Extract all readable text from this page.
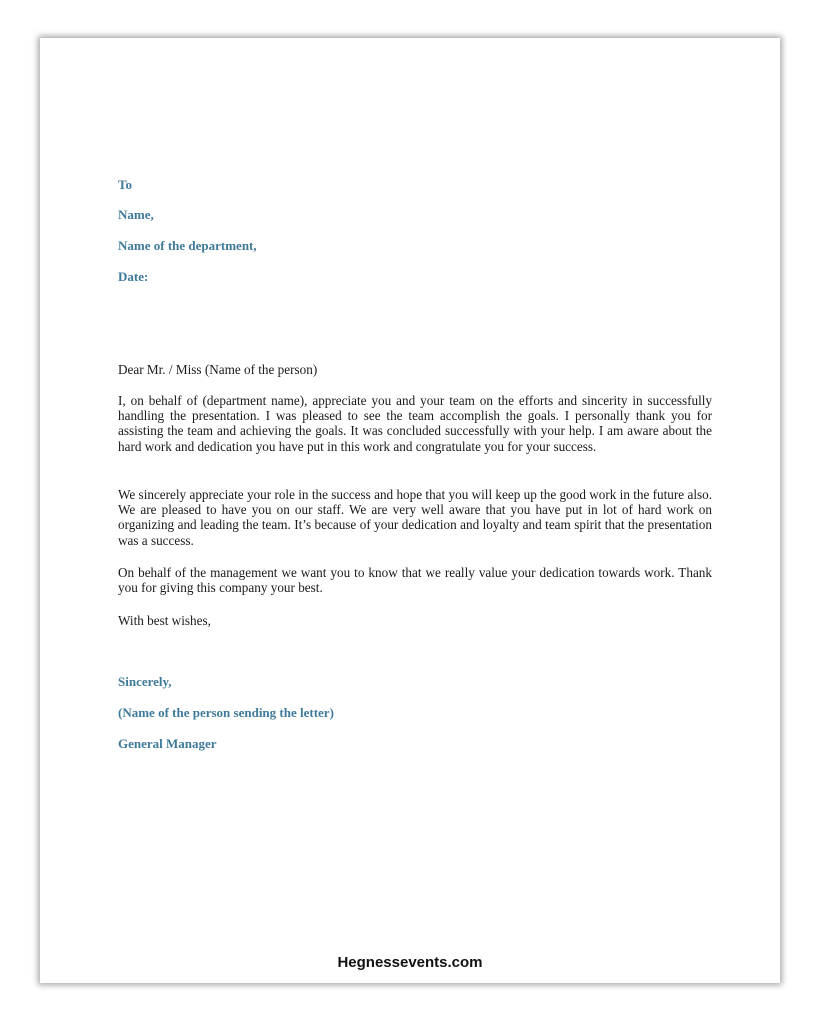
To
Name,
Name of the department,
Date:
Dear Mr. / Miss (Name of the person)
I, on behalf of (department name), appreciate you and your team on the efforts and sincerity in successfully handling the presentation. I was pleased to see the team accomplish the goals. I personally thank you for assisting the team and achieving the goals. It was concluded successfully with your help. I am aware about the hard work and dedication you have put in this work and congratulate you for your success.
We sincerely appreciate your role in the success and hope that you will keep up the good work in the future also. We are pleased to have you on our staff. We are very well aware that you have put in lot of hard work on organizing and leading the team. It’s because of your dedication and loyalty and team spirit that the presentation was a success.
On behalf of the management we want you to know that we really value your dedication towards work. Thank you for giving this company your best.
With best wishes,
Sincerely,
(Name of the person sending the letter)
General Manager
Hegnessevents.com
